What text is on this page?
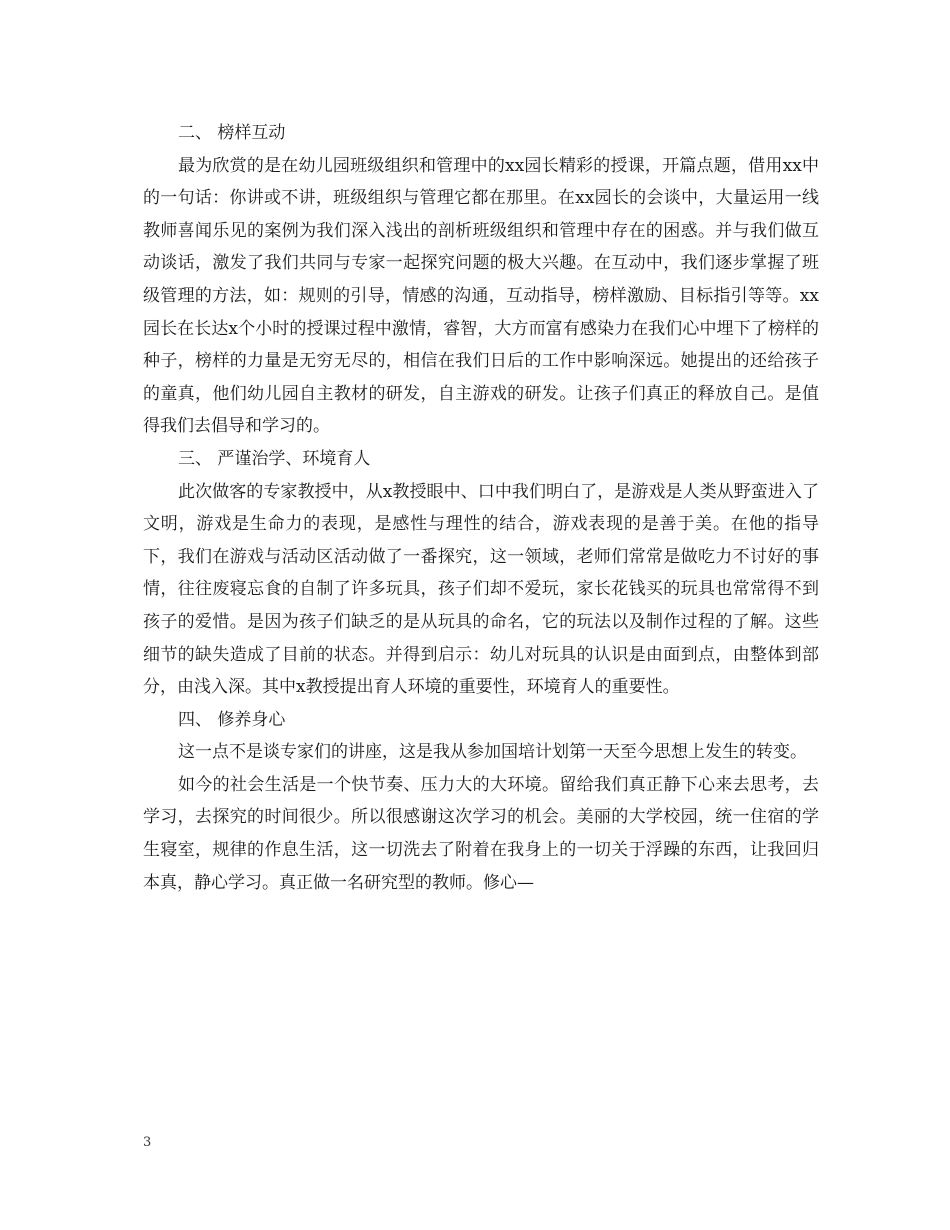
二、 榜样互动

最为欣赏的是在幼儿园班级组织和管理中的xx园长精彩的授课，开篇点题，借用xx中的一句话：你讲或不讲，班级组织与管理它都在那里。在xx园长的会谈中，大量运用一线教师喜闻乐见的案例为我们深入浅出的剖析班级组织和管理中存在的困惑。并与我们做互动谈话，激发了我们共同与专家一起探究问题的极大兴趣。在互动中，我们逐步掌握了班级管理的方法，如：规则的引导，情感的沟通，互动指导，榜样激励、目标指引等等。xx园长在长达x个小时的授课过程中激情，睿智，大方而富有感染力在我们心中埋下了榜样的种子，榜样的力量是无穷无尽的，相信在我们日后的工作中影响深远。她提出的还给孩子的童真，他们幼儿园自主教材的研发，自主游戏的研发。让孩子们真正的释放自己。是值得我们去倡导和学习的。

三、 严谨治学、环境育人

此次做客的专家教授中，从x教授眼中、口中我们明白了，是游戏是人类从野蛮进入了文明，游戏是生命力的表现，是感性与理性的结合，游戏表现的是善于美。在他的指导下，我们在游戏与活动区活动做了一番探究，这一领域，老师们常常是做吃力不讨好的事情，往往废寝忘食的自制了许多玩具，孩子们却不爱玩，家长花钱买的玩具也常常得不到孩子的爱惜。是因为孩子们缺乏的是从玩具的命名，它的玩法以及制作过程的了解。这些细节的缺失造成了目前的状态。并得到启示：幼儿对玩具的认识是由面到点，由整体到部分，由浅入深。其中x教授提出育人环境的重要性，环境育人的重要性。

四、 修养身心

这一点不是谈专家们的讲座，这是我从参加国培计划第一天至今思想上发生的转变。

如今的社会生活是一个快节奏、压力大的大环境。留给我们真正静下心来去思考，去学习，去探究的时间很少。所以很感谢这次学习的机会。美丽的大学校园，统一住宿的学生寝室，规律的作息生活，这一切洗去了附着在我身上的一切关于浮躁的东西，让我回归本真，静心学习。真正做一名研究型的教师。修心—

3
